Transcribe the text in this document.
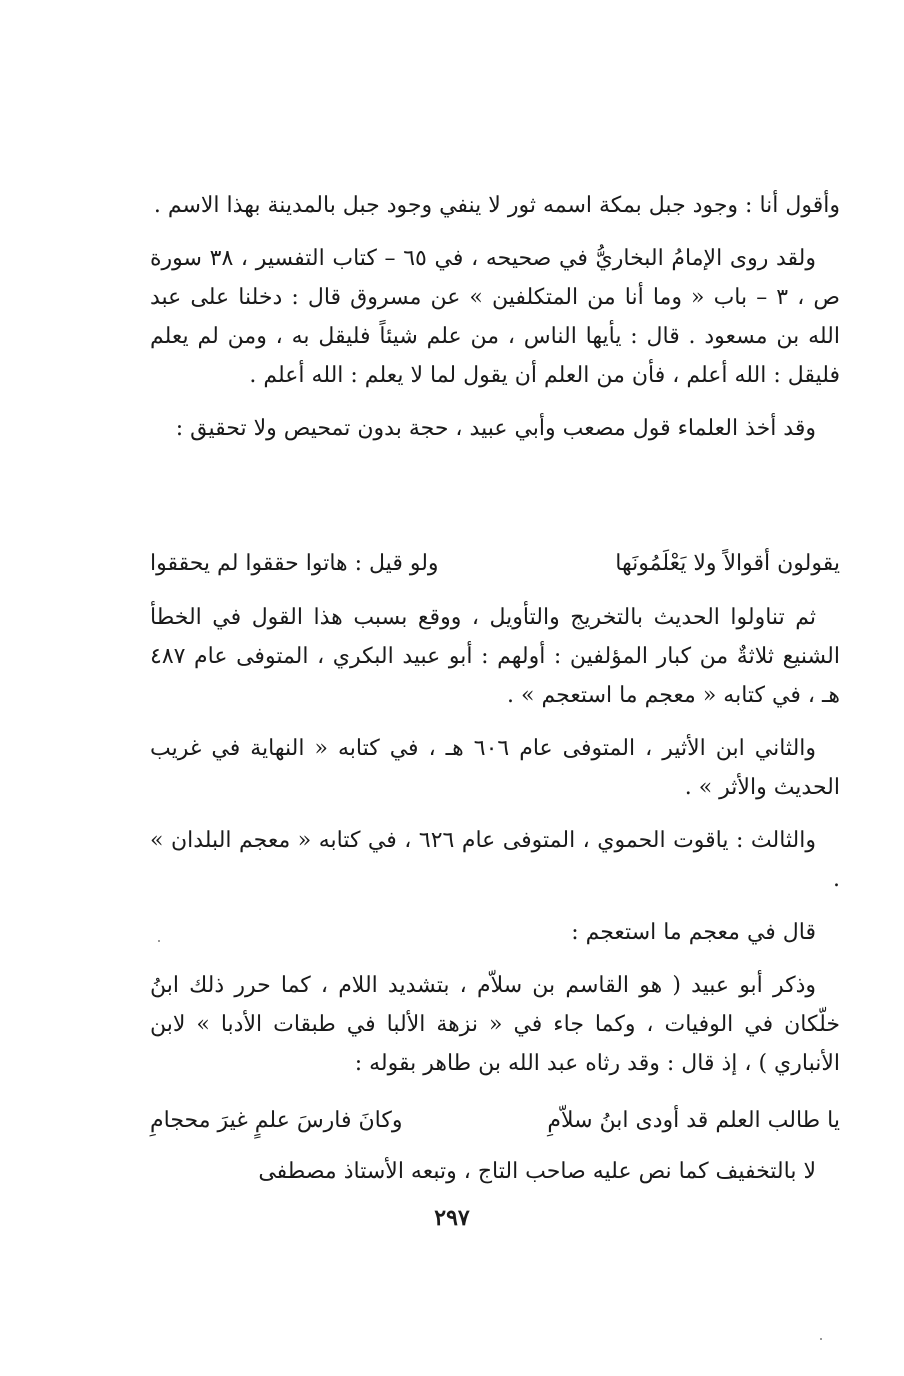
وأقول أنا : وجود جبل بمكة اسمه ثور لا ينفي وجود جبل بالمدينة بهذا الاسم .

ولقد روى الإمامُ البخاريُّ في صحيحه ، في ٦٥ – كتاب التفسير ، ٣٨ سورة ص ، ٣ – باب « وما أنا من المتكلفين » عن مسروق قال : دخلنا على عبد الله بن مسعود . قال : يأيها الناس ، من علم شيئاً فليقل به ، ومن لم يعلم فليقل : الله أعلم ، فأن من العلم أن يقول لما لا يعلم : الله أعلم .

وقد أخذ العلماء قول مصعب وأبي عبيد ، حجة بدون تمحيص ولا تحقيق :

يقولون أقوالاً ولا يَعْلَمُونَها
ولو قيل : هاتوا حققوا لم يحققوا

ثم تناولوا الحديث بالتخريج والتأويل ، ووقع بسبب هذا القول في الخطأ الشنيع ثلاثةٌ من كبار المؤلفين : أولهم : أبو عبيد البكري ، المتوفى عام ٤٨٧ هـ ، في كتابه « معجم ما استعجم » .

والثاني ابن الأثير ، المتوفى عام ٦٠٦ هـ ، في كتابه « النهاية في غريب الحديث والأثر » .

والثالث : ياقوت الحموي ، المتوفى عام ٦٢٦ ، في كتابه « معجم البلدان » .

قال في معجم ما استعجم :

وذكر أبو عبيد ( هو القاسم بن سلاّم ، بتشديد اللام ، كما حرر ذلك ابنُ خلّكان في الوفيات ، وكما جاء في « نزهة الألبا في طبقات الأدبا » لابن الأنباري ) ، إذ قال : وقد رثاه عبد الله بن طاهر بقوله :

يا طالب العلم قد أودى ابنُ سلاّمِ
وكانَ فارسَ علمٍ غيرَ محجامِ

لا بالتخفيف كما نص عليه صاحب التاج ، وتبعه الأستاذ مصطفى

٢٩٧
